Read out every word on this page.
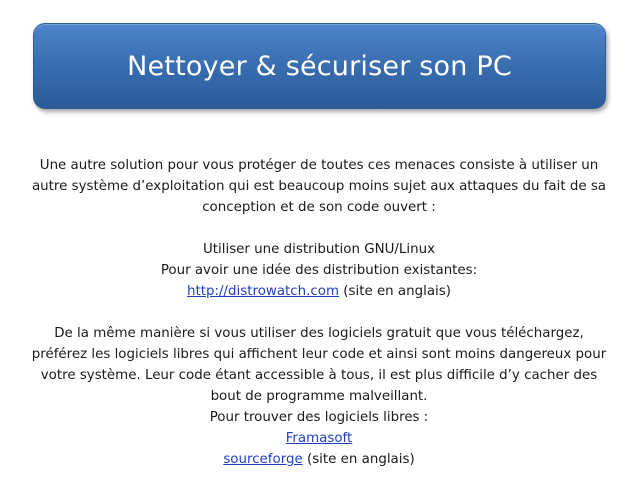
Nettoyer & sécuriser son PC
Une autre solution pour vous protéger de toutes ces menaces consiste à utiliser un
autre système d’exploitation qui est beaucoup moins sujet aux attaques du fait de sa
conception et de son code ouvert :
Utiliser une distribution GNU/Linux
Pour avoir une idée des distribution existantes:
http://distrowatch.com (site en anglais)
De la même manière si vous utiliser des logiciels gratuit que vous téléchargez,
préférez les logiciels libres qui affichent leur code et ainsi sont moins dangereux pour
votre système. Leur code étant accessible à tous, il est plus difficile d’y cacher des
bout de programme malveillant.
Pour trouver des logiciels libres :
Framasoft
sourceforge (site en anglais)
